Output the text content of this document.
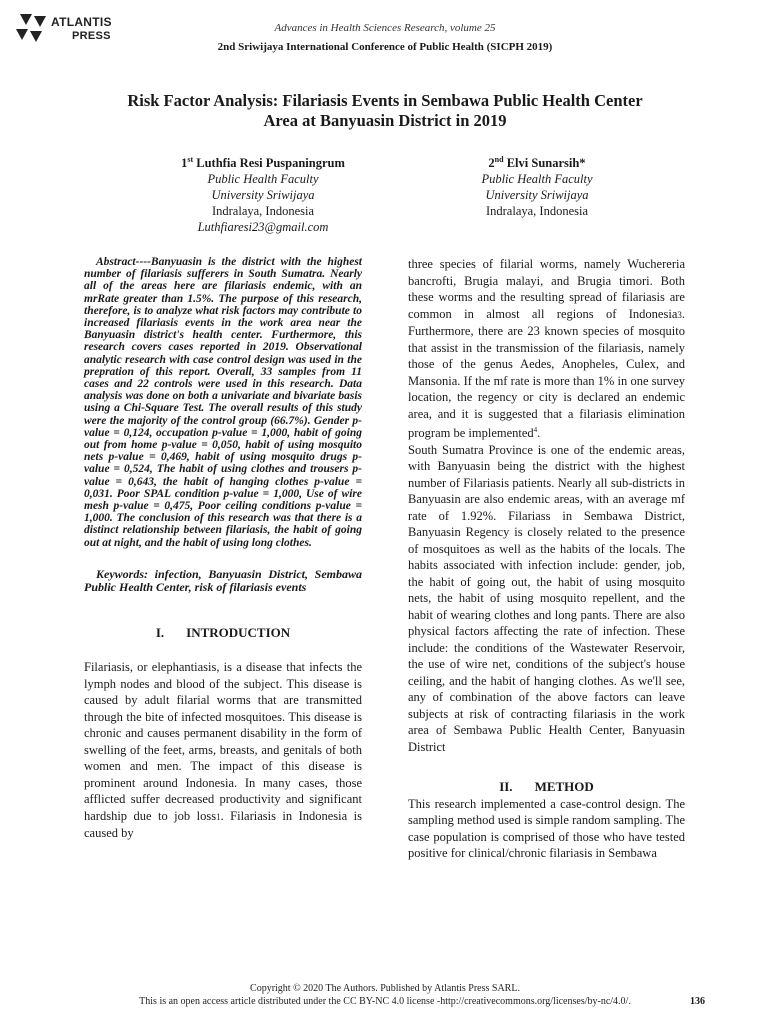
ATLANTIS
PRESS
Advances in Health Sciences Research, volume 25
2nd Sriwijaya International Conference of Public Health (SICPH 2019)
Risk Factor Analysis: Filariasis Events in Sembawa Public Health Center
Area at Banyuasin District in 2019
1st Luthfia Resi Puspaningrum
Public Health Faculty
University Sriwijaya
Indralaya, Indonesia
Luthfiaresi23@gmail.com
2nd Elvi Sunarsih*
Public Health Faculty
University Sriwijaya
Indralaya, Indonesia

Abstract----Banyuasin is the district with the highest number of filariasis sufferers in South Sumatra. Nearly all of the areas here are filariasis endemic, with an mrRate greater than 1.5%. The purpose of this research, therefore, is to analyze what risk factors may contribute to increased filariasis events in the work area near the Banyuasin district's health center. Furthermore, this research covers cases reported in 2019. Observational analytic research with case control design was used in the prepration of this report. Overall, 33 samples from 11 cases and 22 controls were used in this research. Data analysis was done on both a univariate and bivariate basis using a Chi-Square Test. The overall results of this study were the majority of the control group (66.7%). Gender p-value = 0,124, occupation p-value = 1,000, habit of going out from home p-value = 0,050, habit of using mosquito nets p-value = 0,469, habit of using mosquito drugs p-value = 0,524, The habit of using clothes and trousers p-value = 0,643, the habit of hanging clothes p-value = 0,031. Poor SPAL condition p-value = 1,000, Use of wire mesh p-value = 0,475, Poor ceiling conditions p-value = 1,000. The conclusion of this research was that there is a distinct relationship between filariasis, the habit of going out at night, and the habit of using long clothes.

Keywords: infection, Banyuasin District, Sembawa Public Health Center, risk of filariasis events

I. INTRODUCTION

Filariasis, or elephantiasis, is a disease that infects the lymph nodes and blood of the subject. This disease is caused by adult filarial worms that are transmitted through the bite of infected mosquitoes. This disease is chronic and causes permanent disability in the form of swelling of the feet, arms, breasts, and genitals of both women and men. The impact of this disease is prominent around Indonesia. In many cases, those afflicted suffer decreased productivity and significant hardship due to job loss1. Filariasis in Indonesia is caused by

three species of filarial worms, namely Wuchereria bancrofti, Brugia malayi, and Brugia timori. Both these worms and the resulting spread of filariasis are common in almost all regions of Indonesia3. Furthermore, there are 23 known species of mosquito that assist in the transmission of the filariasis, namely those of the genus Aedes, Anopheles, Culex, and Mansonia. If the mf rate is more than 1% in one survey location, the regency or city is declared an endemic area, and it is suggested that a filariasis elimination program be implemented$^4$.

South Sumatra Province is one of the endemic areas, with Banyuasin being the district with the highest number of Filariasis patients. Nearly all sub-districts in Banyuasin are also endemic areas, with an average mf rate of 1.92%. Filariass in Sembawa District, Banyuasin Regency is closely related to the presence of mosquitoes as well as the habits of the locals. The habits associated with infection include: gender, job, the habit of going out, the habit of using mosquito nets, the habit of using mosquito repellent, and the habit of wearing clothes and long pants. There are also physical factors affecting the rate of infection. These include: the conditions of the Wastewater Reservoir, the use of wire net, conditions of the subject's house ceiling, and the habit of hanging clothes. As we'll see, any of combination of the above factors can leave subjects at risk of contracting filariasis in the work area of Sembawa Public Health Center, Banyuasin District

II. METHOD

This research implemented a case-control design. The sampling method used is simple random sampling. The case population is comprised of those who have tested positive for clinical/chronic filariasis in Sembawa

Copyright © 2020 The Authors. Published by Atlantis Press SARL.
This is an open access article distributed under the CC BY-NC 4.0 license -http://creativecommons.org/licenses/by-nc/4.0/.	136
